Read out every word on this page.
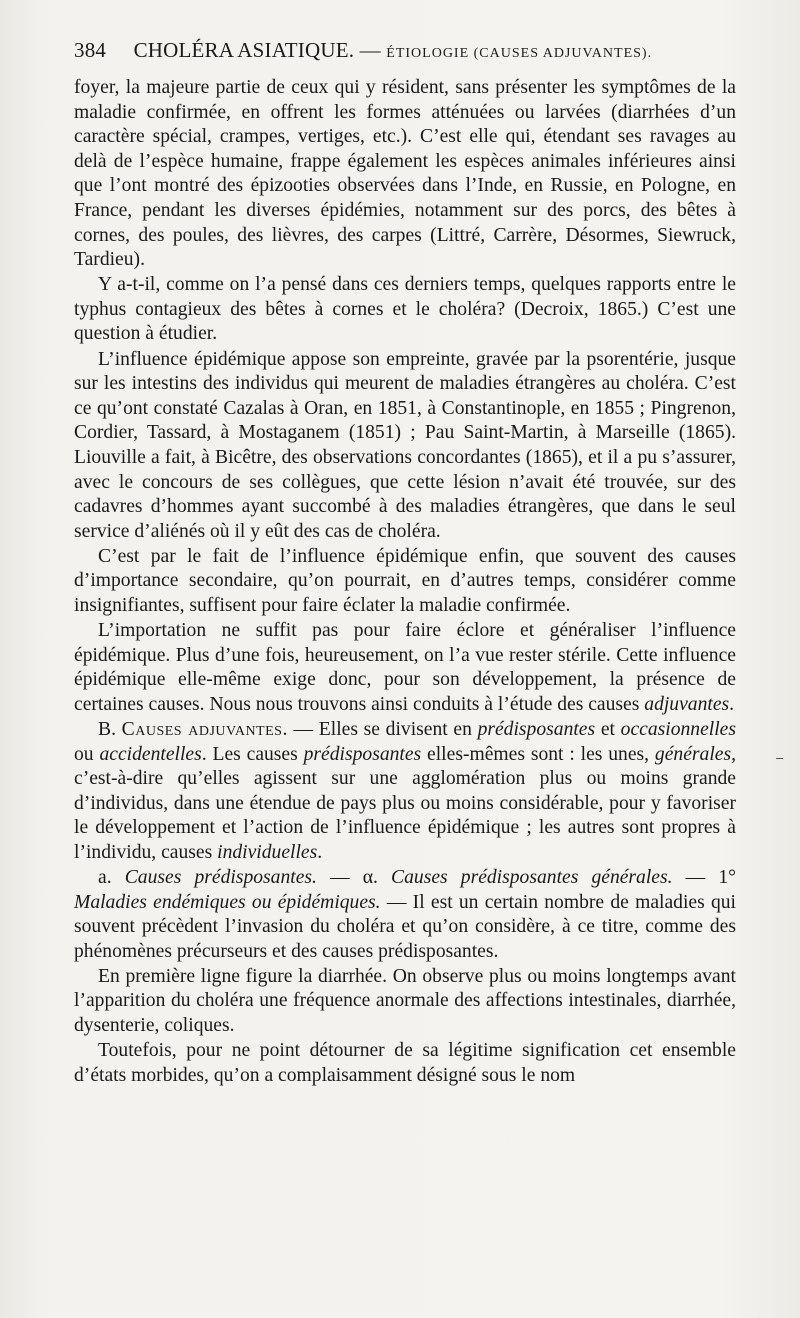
384 CHOLÉRA ASIATIQUE. — ÉTIOLOGIE (CAUSES ADJUVANTES).

foyer, la majeure partie de ceux qui y résident, sans présenter les symptômes de la maladie confirmée, en offrent les formes atténuées ou larvées (diarrhées d’un caractère spécial, crampes, vertiges, etc.). C’est elle qui, étendant ses ravages au delà de l’espèce humaine, frappe également les espèces animales inférieures ainsi que l’ont montré des épizooties observées dans l’Inde, en Russie, en Pologne, en France, pendant les diverses épidémies, notamment sur des porcs, des bêtes à cornes, des poules, des lièvres, des carpes (Littré, Carrère, Désormes, Siewruck, Tardieu).

Y a-t-il, comme on l’a pensé dans ces derniers temps, quelques rapports entre le typhus contagieux des bêtes à cornes et le choléra? (Decroix, 1865.) C’est une question à étudier.

L’influence épidémique appose son empreinte, gravée par la psorentérie, jusque sur les intestins des individus qui meurent de maladies étrangères au choléra. C’est ce qu’ont constaté Cazalas à Oran, en 1851, à Constantinople, en 1855 ; Pingrenon, Cordier, Tassard, à Mostaganem (1851) ; Pau Saint-Martin, à Marseille (1865). Liouville a fait, à Bicêtre, des observations concordantes (1865), et il a pu s’assurer, avec le concours de ses collègues, que cette lésion n’avait été trouvée, sur des cadavres d’hommes ayant succombé à des maladies étrangères, que dans le seul service d’aliénés où il y eût des cas de choléra.

C’est par le fait de l’influence épidémique enfin, que souvent des causes d’importance secondaire, qu’on pourrait, en d’autres temps, considérer comme insignifiantes, suffisent pour faire éclater la maladie confirmée.

L’importation ne suffit pas pour faire éclore et généraliser l’influence épidémique. Plus d’une fois, heureusement, on l’a vue rester stérile. Cette influence épidémique elle-même exige donc, pour son développement, la présence de certaines causes. Nous nous trouvons ainsi conduits à l’étude des causes adjuvantes.

B. Causes adjuvantes. — Elles se divisent en prédisposantes et occasionnelles ou accidentelles. Les causes prédisposantes elles-mêmes sont : les unes, générales, c’est-à-dire qu’elles agissent sur une agglomération plus ou moins grande d’individus, dans une étendue de pays plus ou moins considérable, pour y favoriser le développement et l’action de l’influence épidémique ; les autres sont propres à l’individu, causes individuelles.

a. Causes prédisposantes. — α. Causes prédisposantes générales. — 1° Maladies endémiques ou épidémiques. — Il est un certain nombre de maladies qui souvent précèdent l’invasion du choléra et qu’on considère, à ce titre, comme des phénomènes précurseurs et des causes prédisposantes.

En première ligne figure la diarrhée. On observe plus ou moins longtemps avant l’apparition du choléra une fréquence anormale des affections intestinales, diarrhée, dysenterie, coliques.

Toutefois, pour ne point détourner de sa légitime signification cet ensemble d’états morbides, qu’on a complaisamment désigné sous le nom
